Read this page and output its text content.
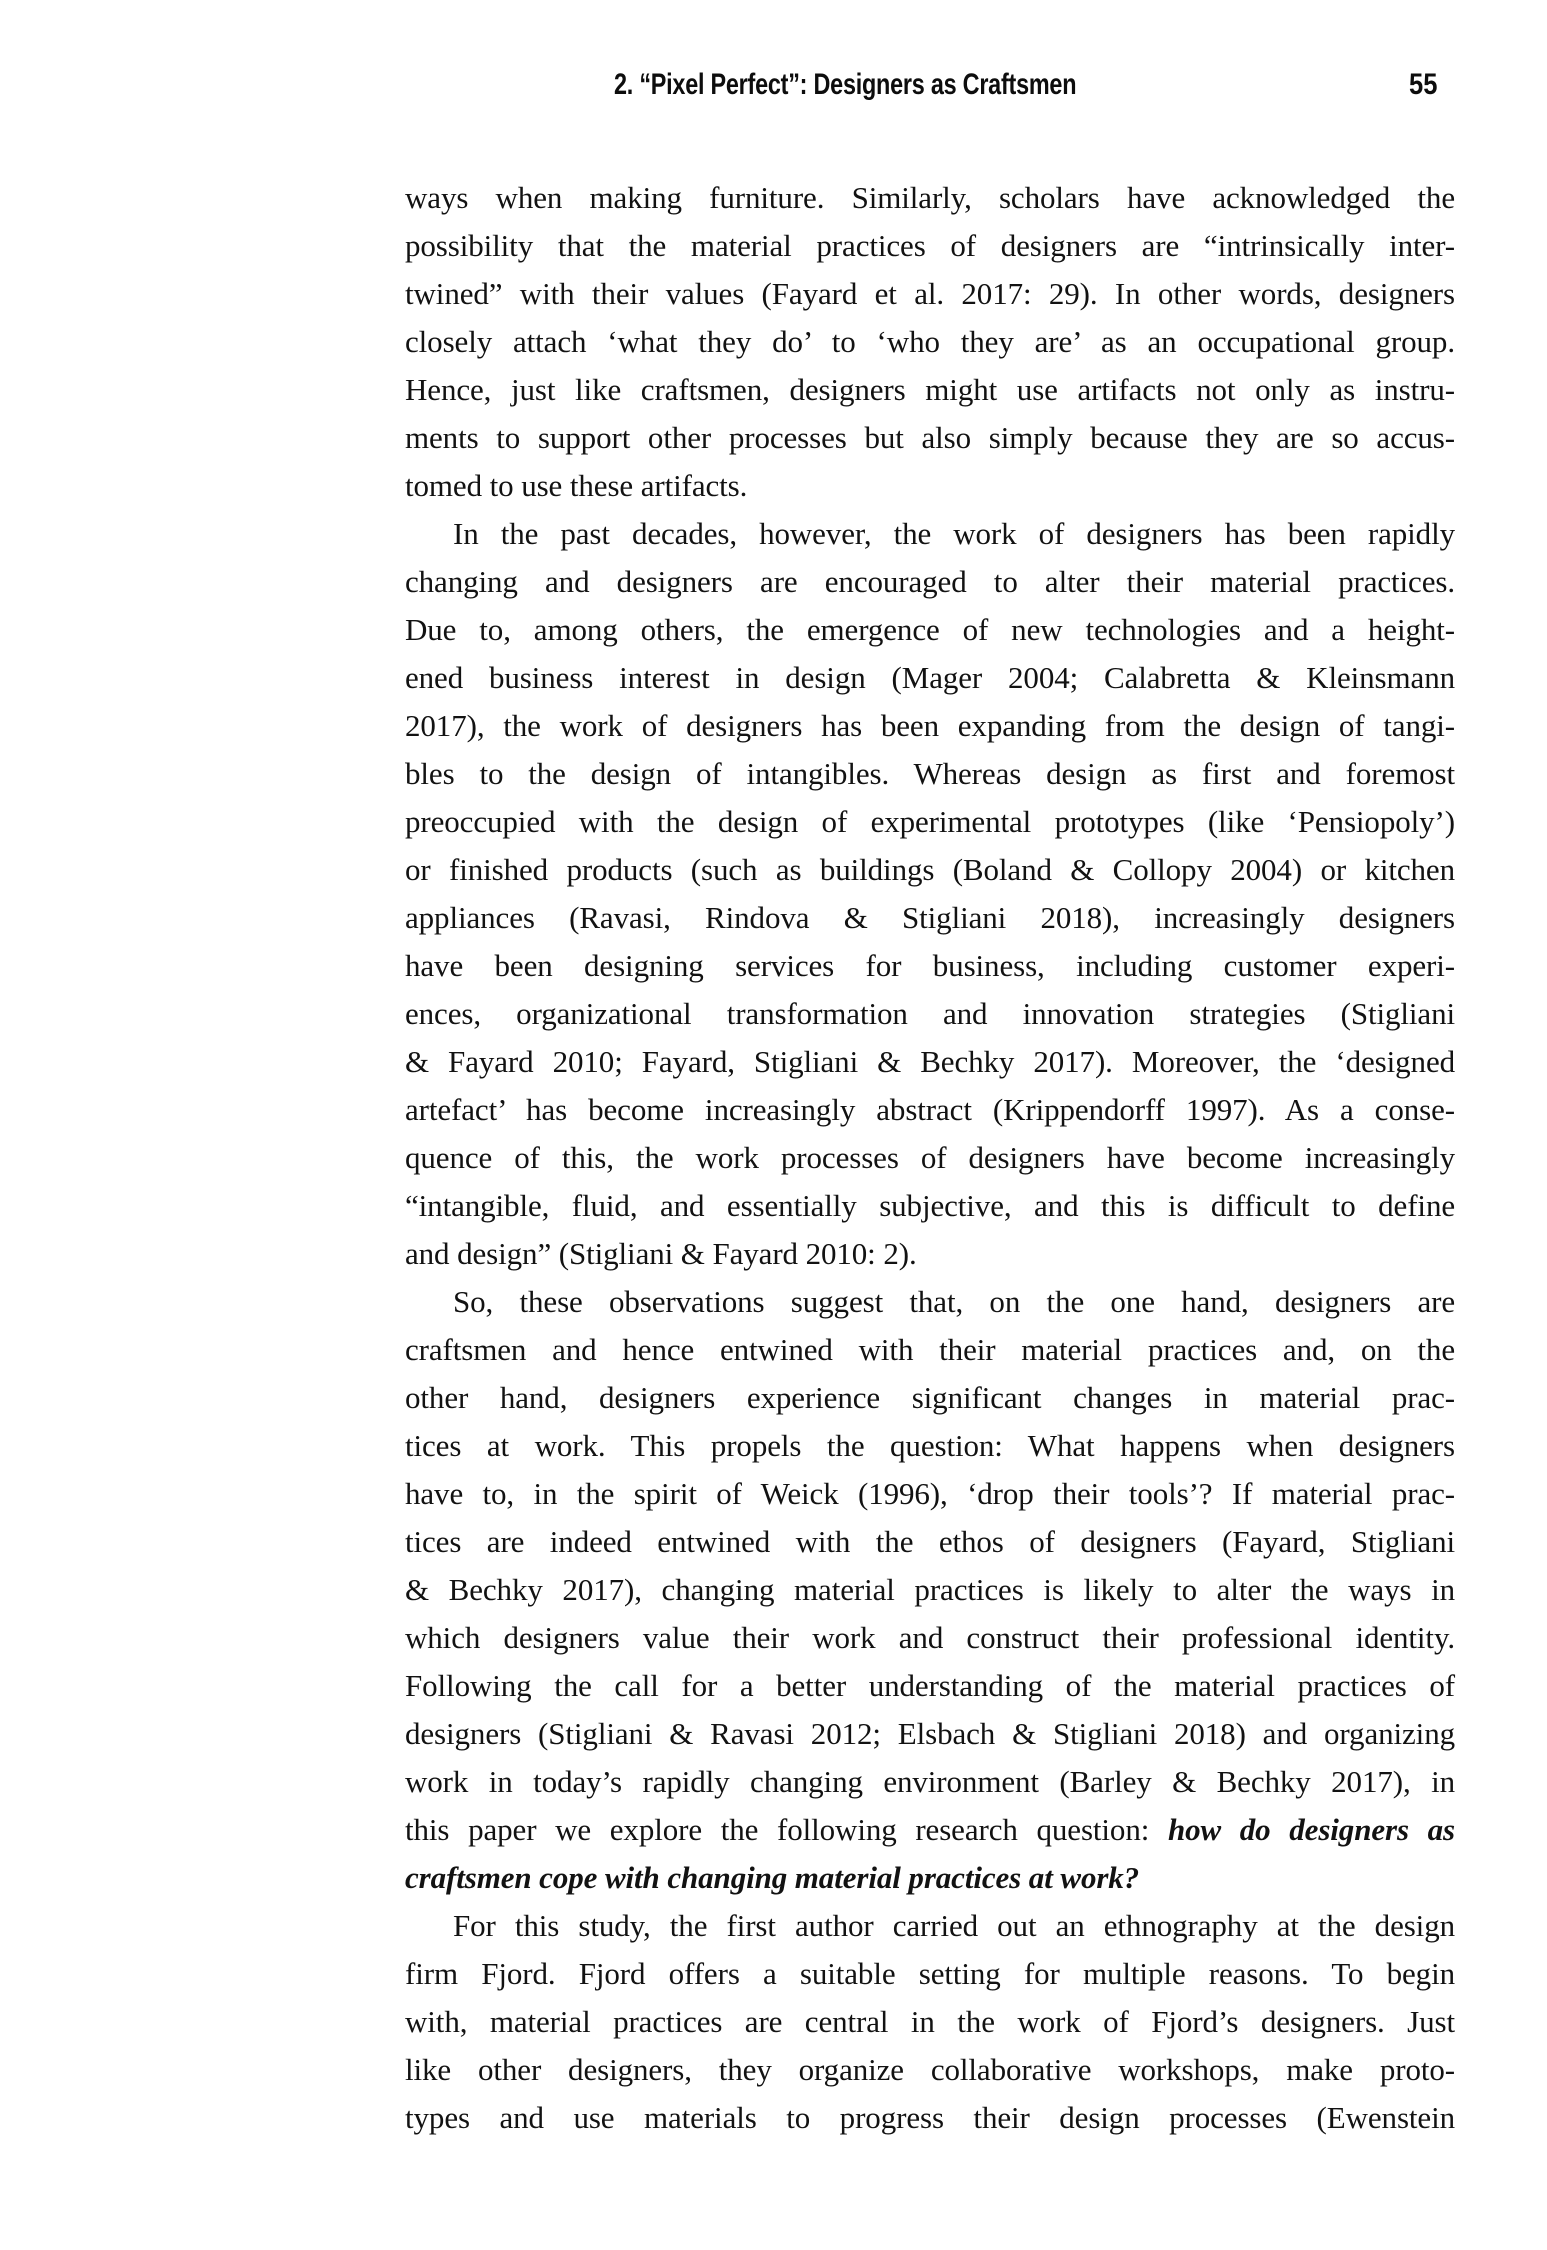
2. “Pixel Perfect”: Designers as Craftsmen	55
ways when making furniture. Similarly, scholars have acknowledged the
possibility that the material practices of designers are “intrinsically inter-
twined” with their values (Fayard et al. 2017: 29). In other words, designers
closely attach ‘what they do’ to ‘who they are’ as an occupational group.
Hence, just like craftsmen, designers might use artifacts not only as instru-
ments to support other processes but also simply because they are so accus-
tomed to use these artifacts.
In the past decades, however, the work of designers has been rapidly
changing and designers are encouraged to alter their material practices.
Due to, among others, the emergence of new technologies and a height-
ened business interest in design (Mager 2004; Calabretta & Kleinsmann
2017), the work of designers has been expanding from the design of tangi-
bles to the design of intangibles. Whereas design as first and foremost
preoccupied with the design of experimental prototypes (like ‘Pensiopoly’)
or finished products (such as buildings (Boland & Collopy 2004) or kitchen
appliances (Ravasi, Rindova & Stigliani 2018), increasingly designers
have been designing services for business, including customer experi-
ences, organizational transformation and innovation strategies (Stigliani
& Fayard 2010; Fayard, Stigliani & Bechky 2017). Moreover, the ‘designed
artefact’ has become increasingly abstract (Krippendorff 1997). As a conse-
quence of this, the work processes of designers have become increasingly
“intangible, fluid, and essentially subjective, and this is difficult to define
and design” (Stigliani & Fayard 2010: 2).
So, these observations suggest that, on the one hand, designers are
craftsmen and hence entwined with their material practices and, on the
other hand, designers experience significant changes in material prac-
tices at work. This propels the question: What happens when designers
have to, in the spirit of Weick (1996), ‘drop their tools’? If material prac-
tices are indeed entwined with the ethos of designers (Fayard, Stigliani
& Bechky 2017), changing material practices is likely to alter the ways in
which designers value their work and construct their professional identity.
Following the call for a better understanding of the material practices of
designers (Stigliani & Ravasi 2012; Elsbach & Stigliani 2018) and organizing
work in today’s rapidly changing environment (Barley & Bechky 2017), in
this paper we explore the following research question: how do designers as
craftsmen cope with changing material practices at work?
For this study, the first author carried out an ethnography at the design
firm Fjord. Fjord offers a suitable setting for multiple reasons. To begin
with, material practices are central in the work of Fjord’s designers. Just
like other designers, they organize collaborative workshops, make proto-
types and use materials to progress their design processes (Ewenstein
